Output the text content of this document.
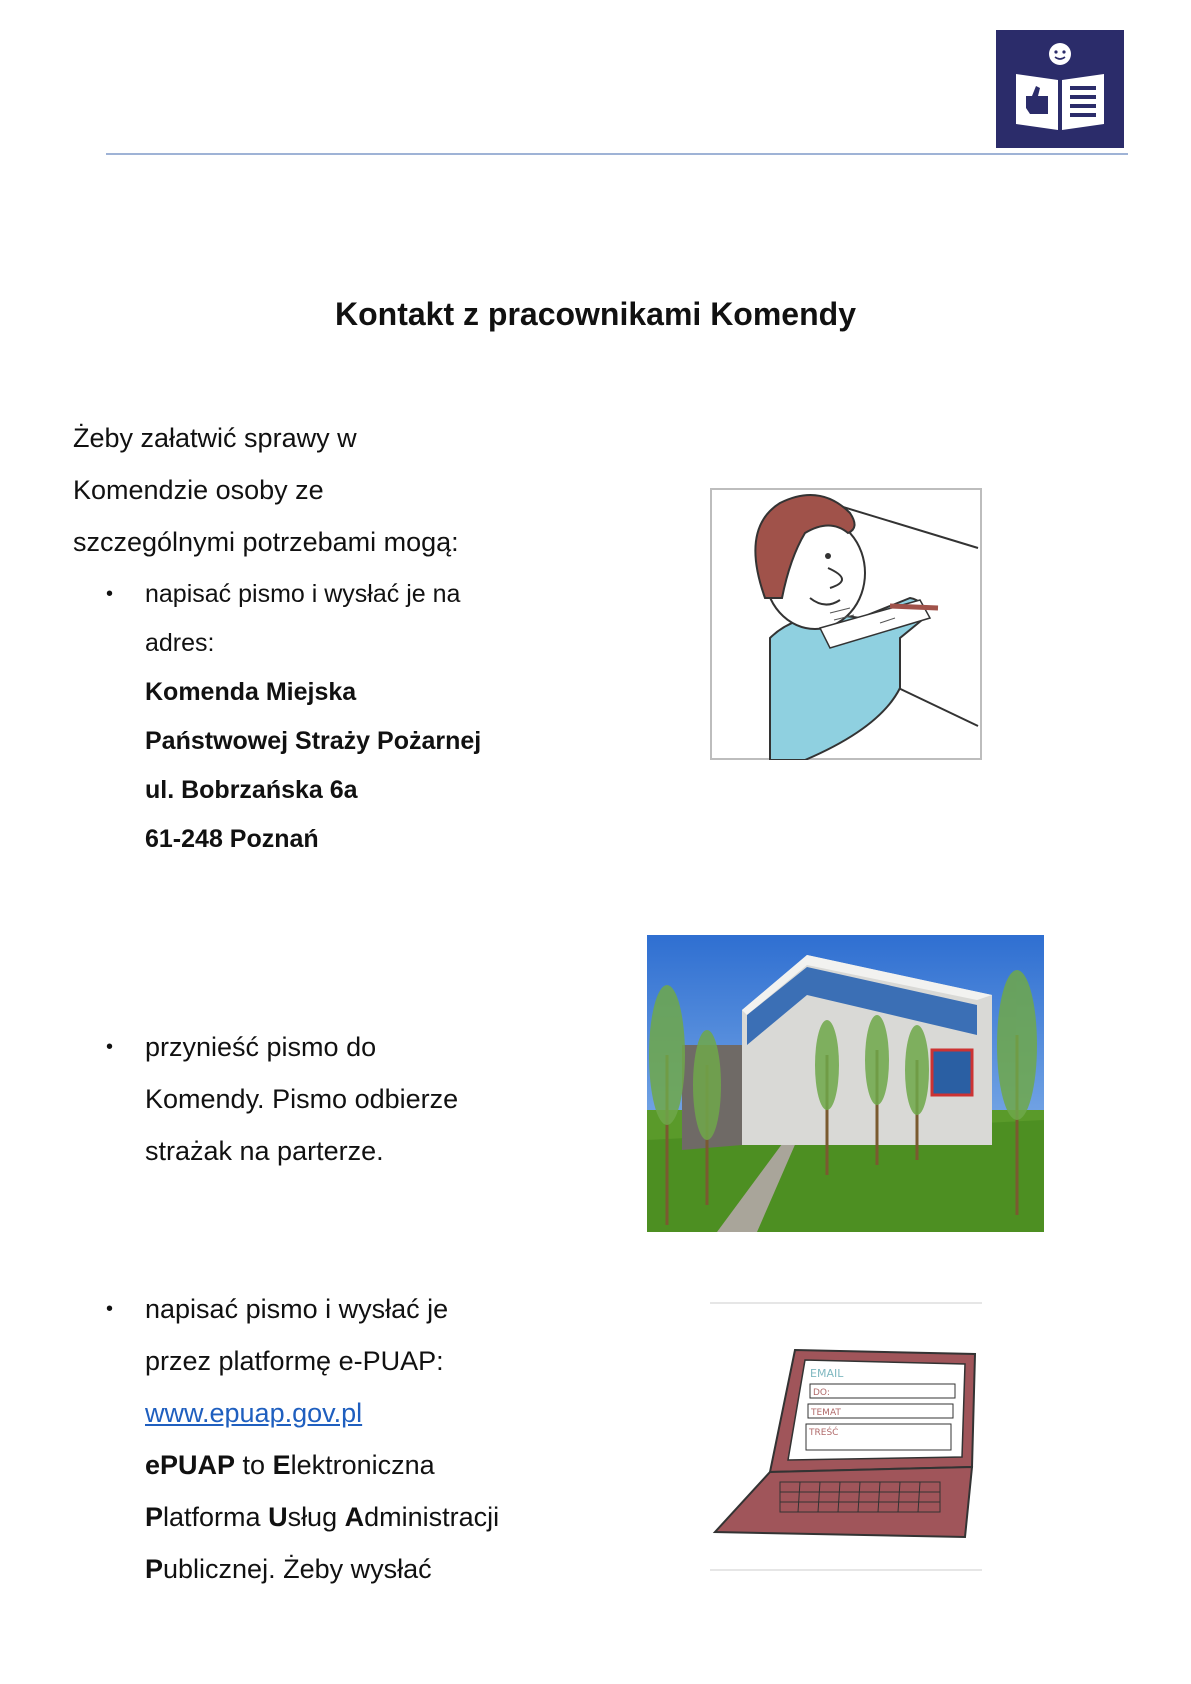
Kontakt z pracownikami Komendy
Żeby załatwić sprawy w
Komendzie osoby ze
szczególnymi potrzebami mogą:
• napisać pismo i wysłać je na
adres:
Komenda Miejska
Państwowej Straży Pożarnej
ul. Bobrzańska 6a
61-248 Poznań
• przynieść pismo do
Komendy. Pismo odbierze
strażak na parterze.
• napisać pismo i wysłać je
przez platformę e-PUAP:
www.epuap.gov.pl
ePUAP to Elektroniczna
Platforma Usług Administracji
Publicznej. Żeby wysłać
EMAIL
DO:
TEMAT
TREŚĆ
